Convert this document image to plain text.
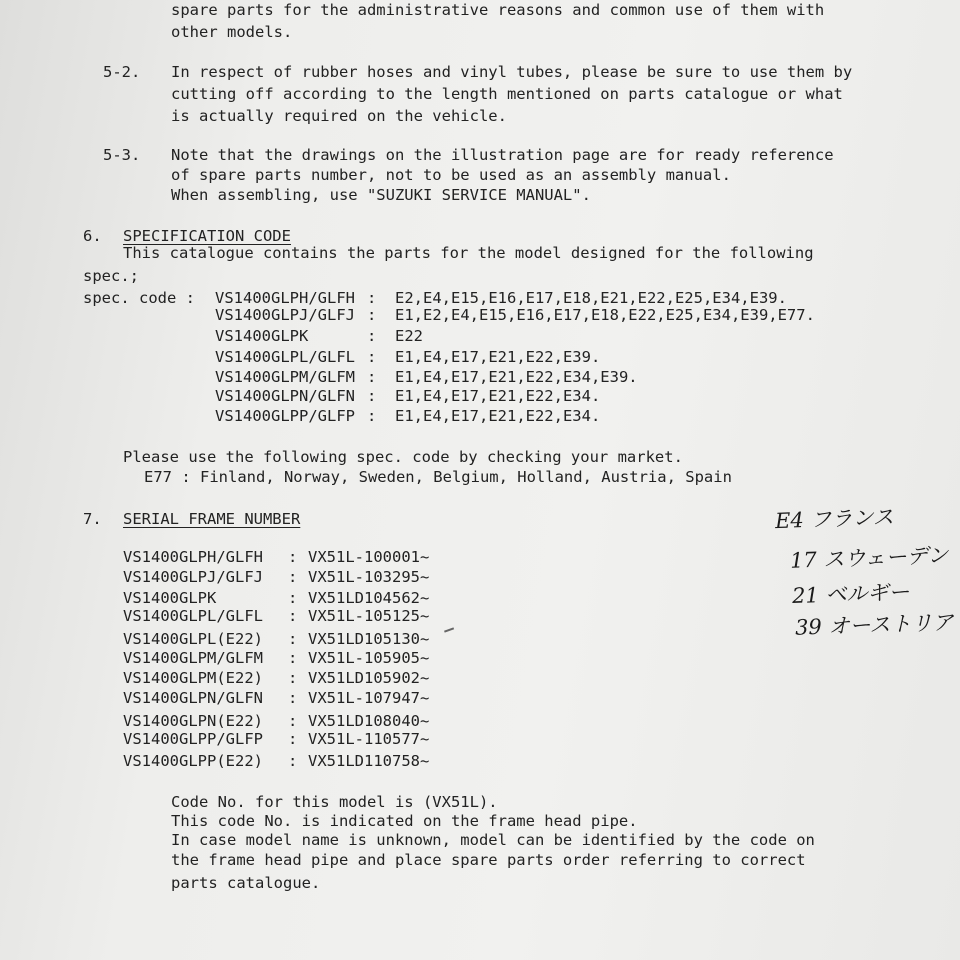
spare parts for the administrative reasons and common use of them with
other models.
5-2. In respect of rubber hoses and vinyl tubes, please be sure to use them by
cutting off according to the length mentioned on parts catalogue or what
is actually required on the vehicle.
5-3. Note that the drawings on the illustration page are for ready reference
of spare parts number, not to be used as an assembly manual.
When assembling, use "SUZUKI SERVICE MANUAL".
6. SPECIFICATION CODE
This catalogue contains the parts for the model designed for the following
spec.;
spec. code : VS1400GLPH/GLFH : E2,E4,E15,E16,E17,E18,E21,E22,E25,E34,E39.
VS1400GLPJ/GLFJ : E1,E2,E4,E15,E16,E17,E18,E22,E25,E34,E39,E77.
VS1400GLPK	: E22
VS1400GLPL/GLFL : E1,E4,E17,E21,E22,E39.
VS1400GLPM/GLFM : E1,E4,E17,E21,E22,E34,E39.
VS1400GLPN/GLFN : E1,E4,E17,E21,E22,E34.
VS1400GLPP/GLFP : E1,E4,E17,E21,E22,E34.
Please use the following spec. code by checking your market.
E77 : Finland, Norway, Sweden, Belgium, Holland, Austria, Spain
7. SERIAL FRAME NUMBER
VS1400GLPH/GLFH : VX51L-100001~
VS1400GLPJ/GLFJ : VX51L-103295~
VS1400GLPK	: VX51LD104562~
VS1400GLPL/GLFL : VX51L-105125~
VS1400GLPL(E22) : VX51LD105130~
VS1400GLPM/GLFM : VX51L-105905~
VS1400GLPM(E22) : VX51LD105902~
VS1400GLPN/GLFN : VX51L-107947~
VS1400GLPN(E22) : VX51LD108040~
VS1400GLPP/GLFP : VX51L-110577~
VS1400GLPP(E22) : VX51LD110758~
Code No. for this model is (VX51L).
This code No. is indicated on the frame head pipe.
In case model name is unknown, model can be identified by the code on
the frame head pipe and place spare parts order referring to correct
parts catalogue.
E4 フランス
17 スウェーデン
21 ベルギー
39 オーストリア
